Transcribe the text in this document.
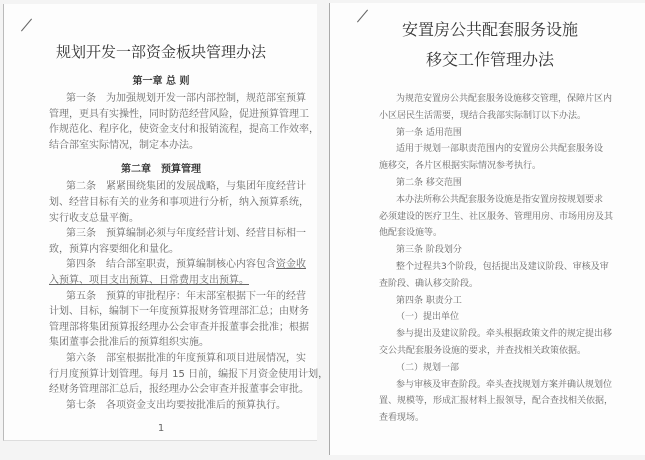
规划开发一部资金板块管理办法
第一章 总 则
第一条　为加强规划开发一部内部控制，规范部室预算
管理，更具有实操性，同时防范经营风险，促进预算管理工
作规范化、程序化，使资金支付和报销流程，提高工作效率，
结合部室实际情况，制定本办法。
第二章　预算管理
第二条　紧紧围绕集团的发展战略，与集团年度经营计
划、经营目标有关的业务和事项进行分析，纳入预算系统，
实行收支总量平衡。
第三条　预算编制必须与年度经营计划、经营目标相一
致，预算内容要细化和量化。
第四条　结合部室职责，预算编制核心内容包含资金收
入预算、项目支出预算、日常费用支出预算。
第五条　预算的审批程序：年末部室根据下一年的经营
计划、目标，编制下一年度预算报财务管理部汇总；由财务
管理部将集团预算报经理办公会审查并报董事会批准；根据
集团董事会批准后的预算组织实施。
第六条　部室根据批准的年度预算和项目进展情况，实
行月度预算计划管理。每月 15 日前，编报下月资金使用计划，
经财务管理部汇总后，报经理办公会审查并报董事会审批。
第七条　各项资金支出均要按批准后的预算执行。
1
安置房公共配套服务设施
移交工作管理办法
为规范安置房公共配套服务设施移交管理，保障片区内
小区居民生活需要，现结合我部实际制订以下办法。
第一条 适用范围
适用于规划一部职责范围内的安置房公共配套服务设
施移交，各片区根据实际情况参考执行。
第二条 移交范围
本办法所称公共配套服务设施是指安置房按规划要求
必须建设的医疗卫生、社区服务、管理用房、市场用房及其
他配套设施等。
第三条 阶段划分
整个过程共3个阶段，包括提出及建议阶段、审核及审
查阶段、确认移交阶段。
第四条 职责分工
（一）提出单位
参与提出及建议阶段。牵头根据政策文件的规定提出移
交公共配套服务设施的要求，并查找相关政策依据。
（二）规划一部
参与审核及审查阶段。牵头查找规划方案并确认规划位
置、规模等，形成汇报材料上报领导，配合查找相关依据，
查看现场。
